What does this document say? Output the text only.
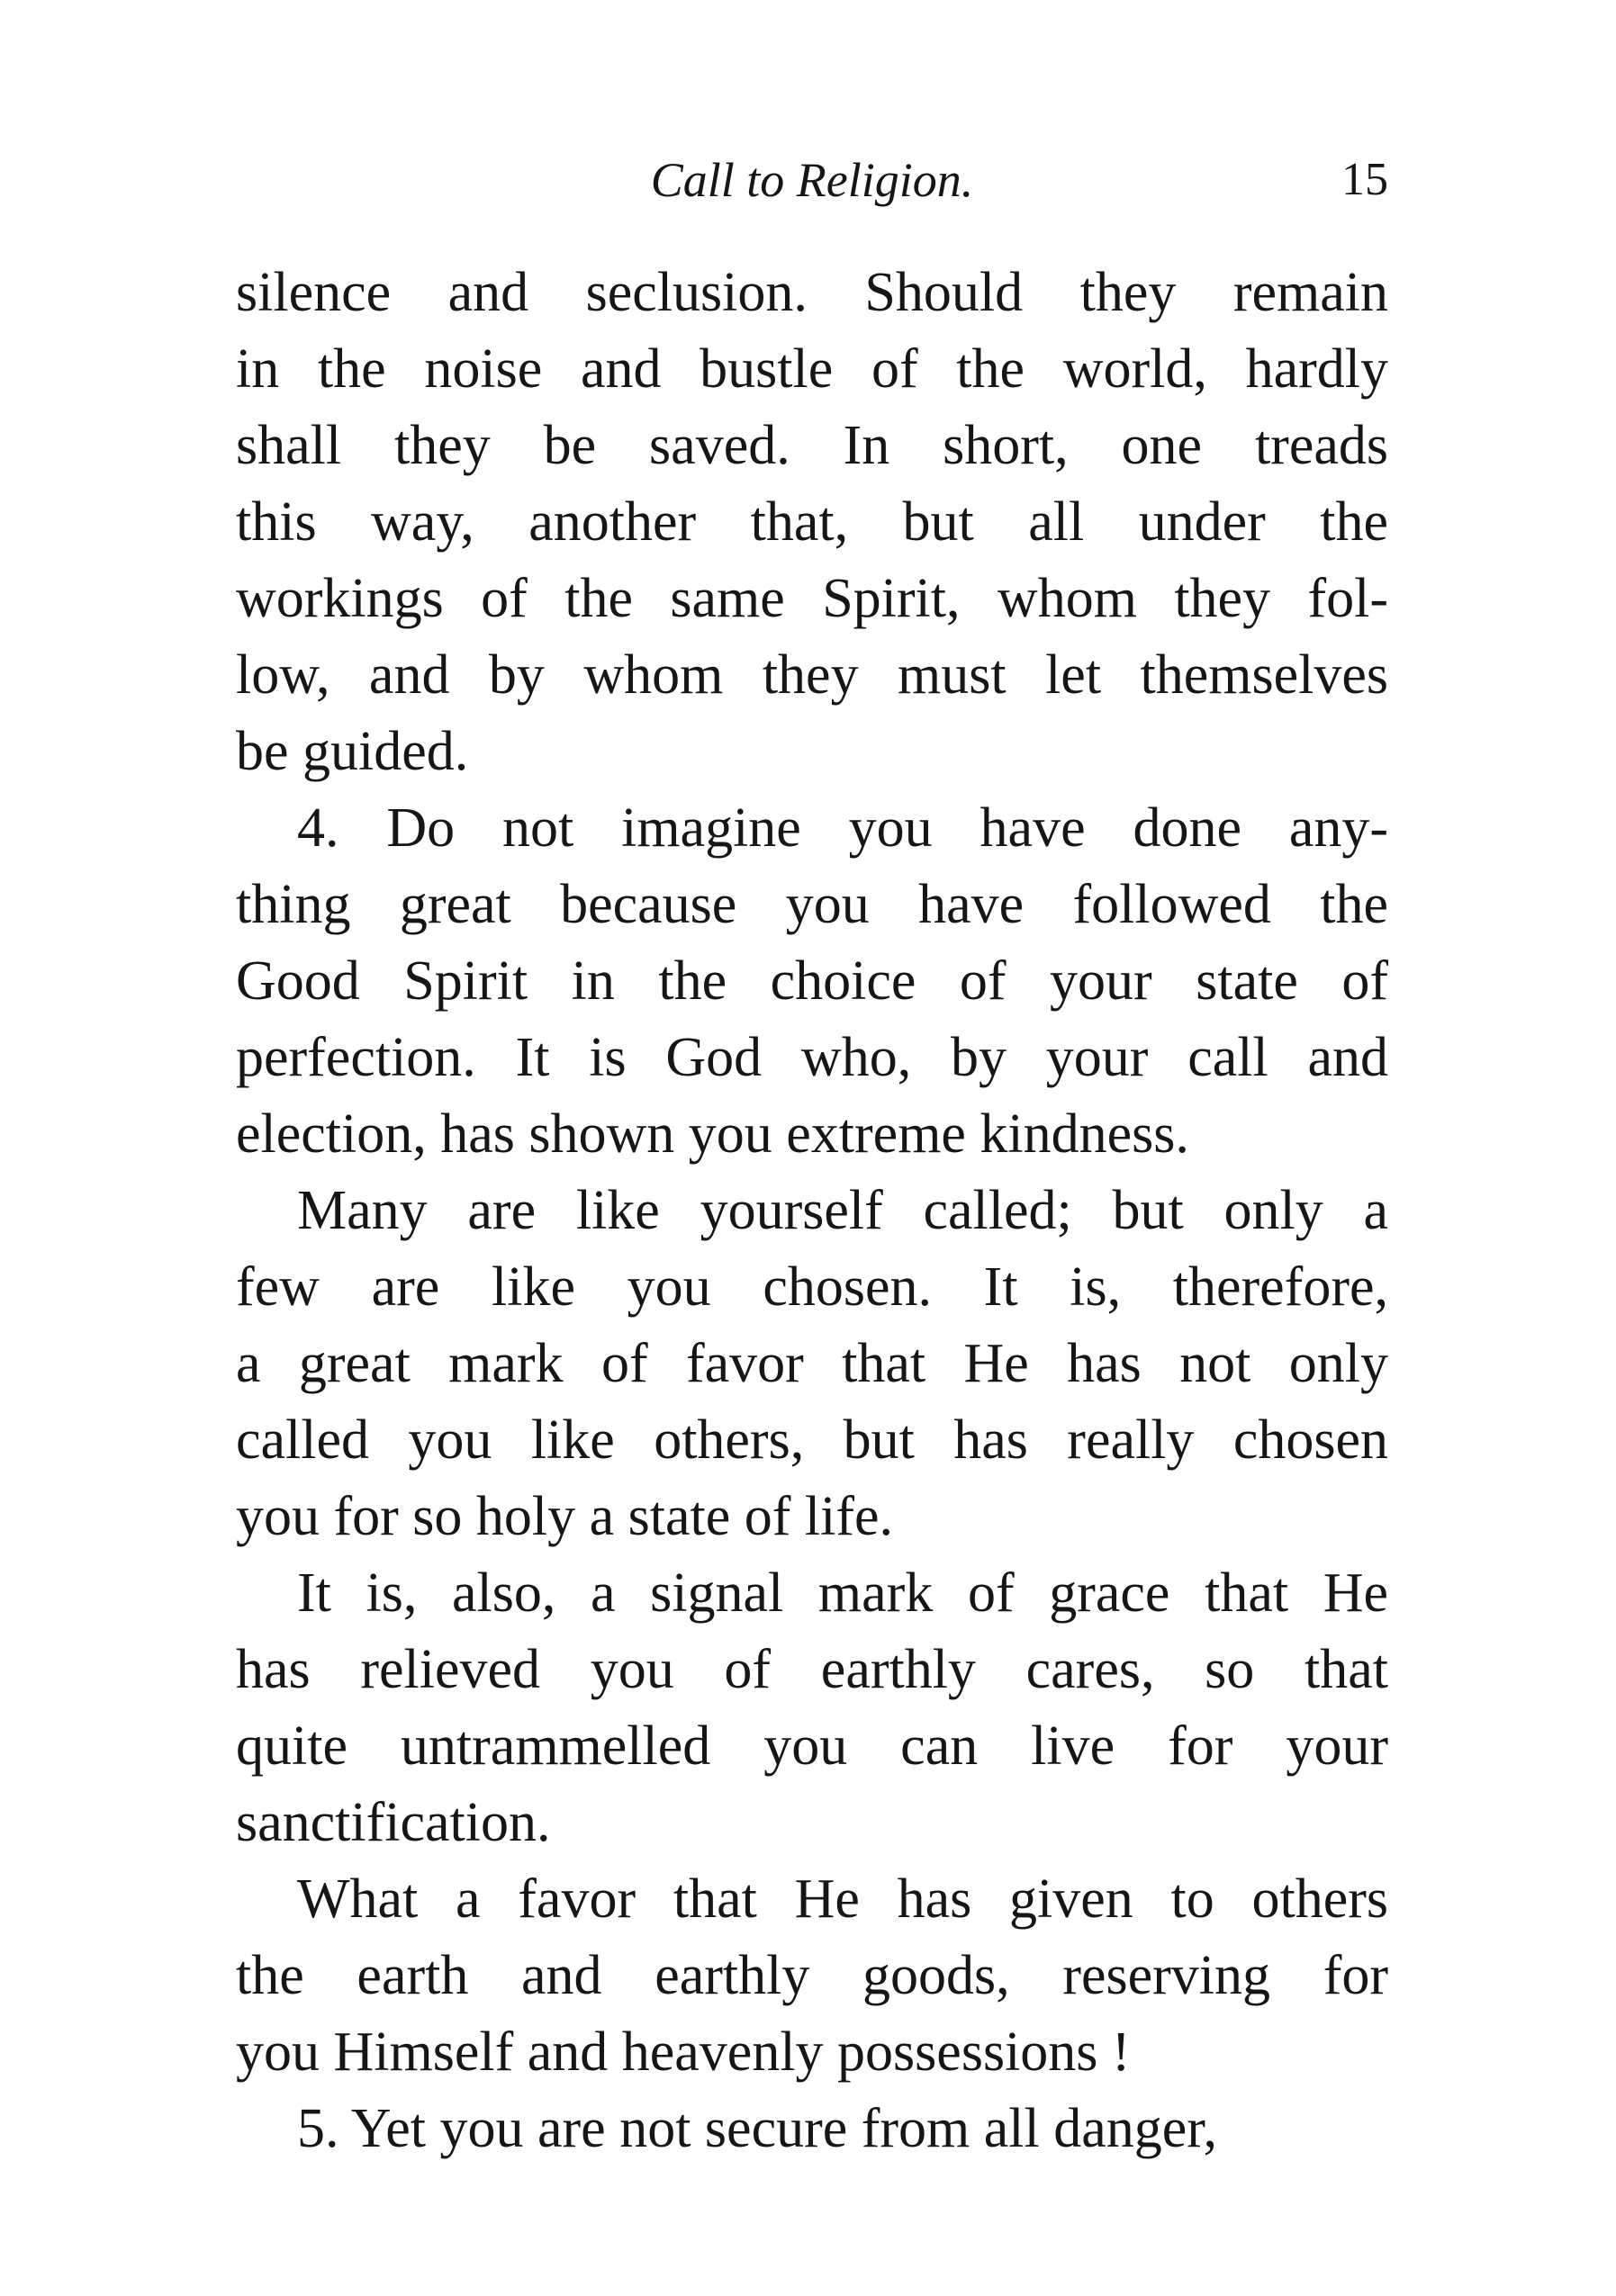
Call to Religion.	15
silence and seclusion. Should they remain
in the noise and bustle of the world, hardly
shall they be saved. In short, one treads
this way, another that, but all under the
workings of the same Spirit, whom they fol-
low, and by whom they must let themselves
be guided.
4. Do not imagine you have done any-
thing great because you have followed the
Good Spirit in the choice of your state of
perfection. It is God who, by your call and
election, has shown you extreme kindness.
Many are like yourself called; but only a
few are like you chosen. It is, therefore,
a great mark of favor that He has not only
called you like others, but has really chosen
you for so holy a state of life.
It is, also, a signal mark of grace that He
has relieved you of earthly cares, so that
quite untrammelled you can live for your
sanctification.
What a favor that He has given to others
the earth and earthly goods, reserving for
you Himself and heavenly possessions !
5. Yet you are not secure from all danger,
